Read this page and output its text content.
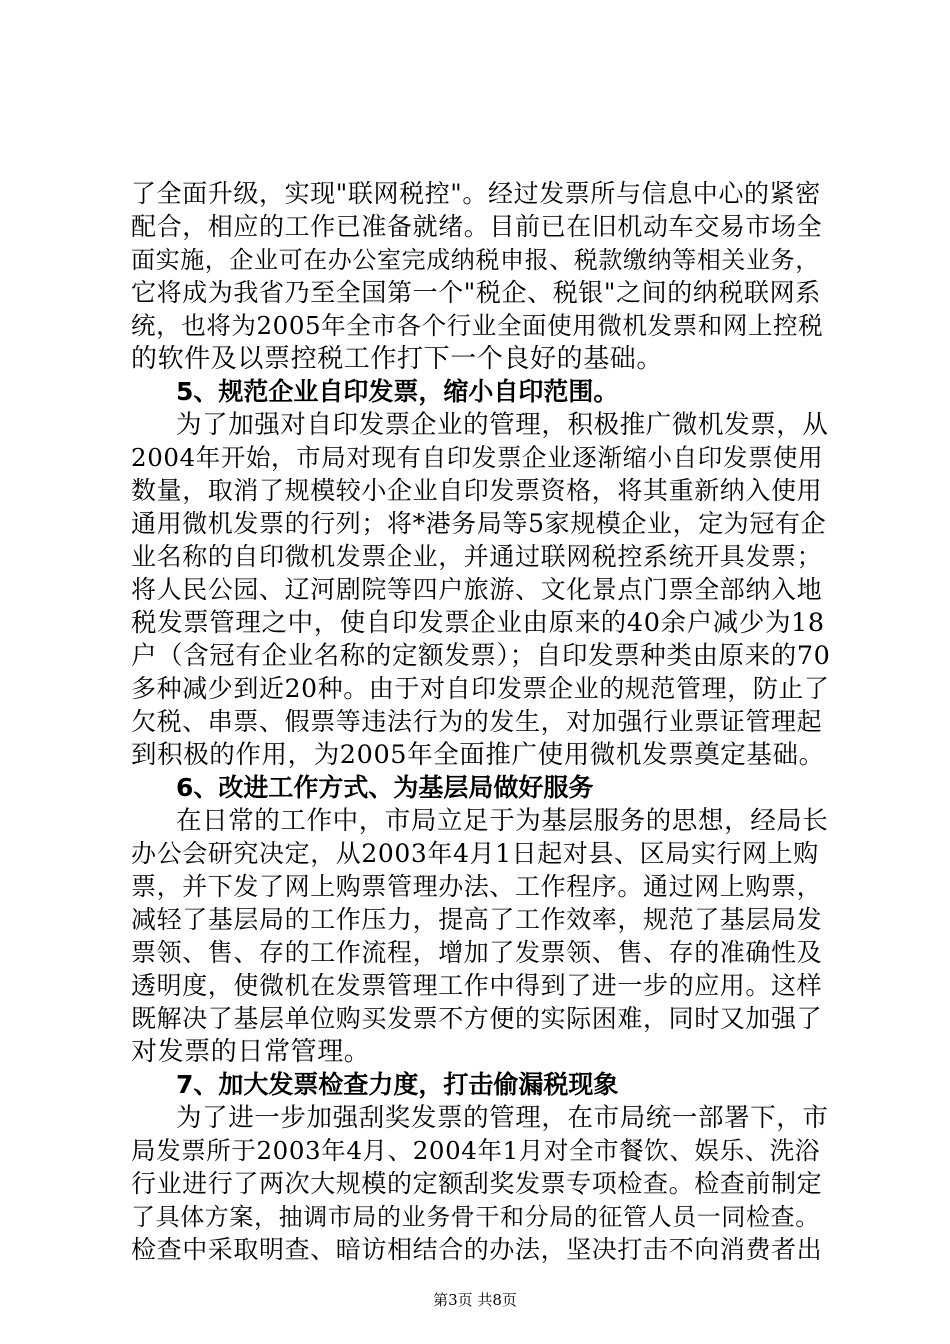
了全面升级，实现"联网税控"。经过发票所与信息中心的紧密
配合，相应的工作已准备就绪。目前已在旧机动车交易市场全
面实施，企业可在办公室完成纳税申报、税款缴纳等相关业务，
它将成为我省乃至全国第一个"税企、税银"之间的纳税联网系
统，也将为2005年全市各个行业全面使用微机发票和网上控税
的软件及以票控税工作打下一个良好的基础。
5、规范企业自印发票，缩小自印范围。
为了加强对自印发票企业的管理，积极推广微机发票，从
2004年开始，市局对现有自印发票企业逐渐缩小自印发票使用
数量，取消了规模较小企业自印发票资格，将其重新纳入使用
通用微机发票的行列；将*港务局等5家规模企业，定为冠有企
业名称的自印微机发票企业，并通过联网税控系统开具发票；
将人民公园、辽河剧院等四户旅游、文化景点门票全部纳入地
税发票管理之中，使自印发票企业由原来的40余户减少为18
户（含冠有企业名称的定额发票）；自印发票种类由原来的70
多种减少到近20种。由于对自印发票企业的规范管理，防止了
欠税、串票、假票等违法行为的发生，对加强行业票证管理起
到积极的作用，为2005年全面推广使用微机发票奠定基础。
6、改进工作方式、为基层局做好服务
在日常的工作中，市局立足于为基层服务的思想，经局长
办公会研究决定，从2003年4月1日起对县、区局实行网上购
票，并下发了网上购票管理办法、工作程序。通过网上购票，
减轻了基层局的工作压力，提高了工作效率，规范了基层局发
票领、售、存的工作流程，增加了发票领、售、存的准确性及
透明度，使微机在发票管理工作中得到了进一步的应用。这样
既解决了基层单位购买发票不方便的实际困难，同时又加强了
对发票的日常管理。
7、加大发票检查力度，打击偷漏税现象
为了进一步加强刮奖发票的管理，在市局统一部署下，市
局发票所于2003年4月、2004年1月对全市餐饮、娱乐、洗浴
行业进行了两次大规模的定额刮奖发票专项检查。检查前制定
了具体方案，抽调市局的业务骨干和分局的征管人员一同检查。
检查中采取明查、暗访相结合的办法，坚决打击不向消费者出
第3页 共8页
